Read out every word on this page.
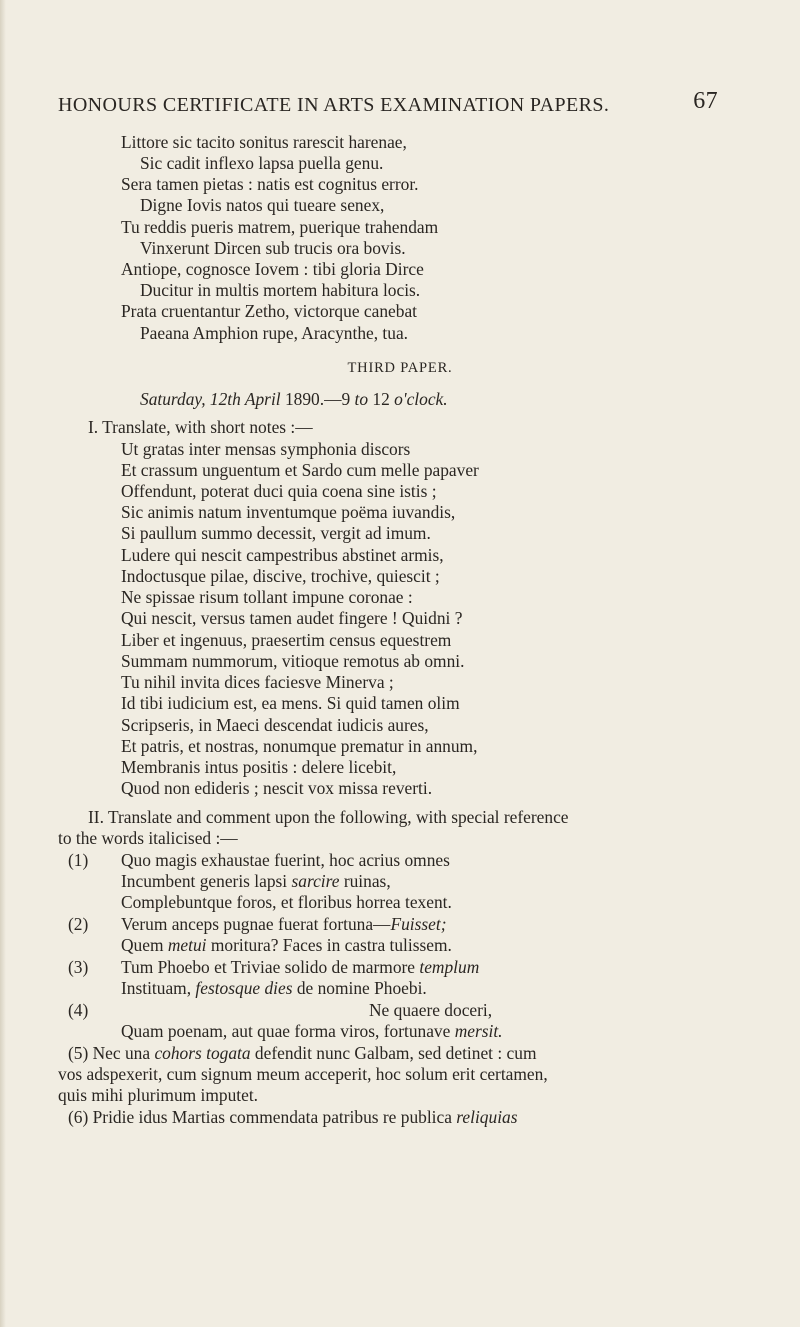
HONOURS CERTIFICATE IN ARTS EXAMINATION PAPERS.	67
Littore sic tacito sonitus rarescit harenae,
Sic cadit inflexo lapsa puella genu.
Sera tamen pietas : natis est cognitus error.
Digne Iovis natos qui tueare senex,
Tu reddis pueris matrem, puerique trahendam
Vinxerunt Dircen sub trucis ora bovis.
Antiope, cognosce Iovem : tibi gloria Dirce
Ducitur in multis mortem habitura locis.
Prata cruentantur Zetho, victorque canebat
Paeana Amphion rupe, Aracynthe, tua.
THIRD PAPER.
Saturday, 12th April 1890.—9 to 12 o'clock.
I. Translate, with short notes :—
Ut gratas inter mensas symphonia discors
Et crassum unguentum et Sardo cum melle papaver
Offendunt, poterat duci quia coena sine istis ;
Sic animis natum inventumque poëma iuvandis,
Si paullum summo decessit, vergit ad imum.
Ludere qui nescit campestribus abstinet armis,
Indoctusque pilae, discive, trochive, quiescit ;
Ne spissae risum tollant impune coronae :
Qui nescit, versus tamen audet fingere ! Quidni ?
Liber et ingenuus, praesertim census equestrem
Summam nummorum, vitioque remotus ab omni.
Tu nihil invita dices faciesve Minerva ;
Id tibi iudicium est, ea mens. Si quid tamen olim
Scripseris, in Maeci descendat iudicis aures,
Et patris, et nostras, nonumque prematur in annum,
Membranis intus positis : delere licebit,
Quod non edideris ; nescit vox missa reverti.
II. Translate and comment upon the following, with special reference
to the words italicised :—
(1) Quo magis exhaustae fuerint, hoc acrius omnes
Incumbent generis lapsi sarcire ruinas,
Complebuntque foros, et floribus horrea texent.
(2) Verum anceps pugnae fuerat fortuna—Fuisset;
Quem metui moritura? Faces in castra tulissem.
(3) Tum Phoebo et Triviae solido de marmore templum
Instituam, festosque dies de nomine Phoebi.
(4)	Ne quaere doceri,
Quam poenam, aut quae forma viros, fortunave mersit.
(5) Nec una cohors togata defendit nunc Galbam, sed detinet : cum
vos adspexerit, cum signum meum acceperit, hoc solum erit certamen,
quis mihi plurimum imputet.
(6) Pridie idus Martias commendata patribus re publica reliquias
